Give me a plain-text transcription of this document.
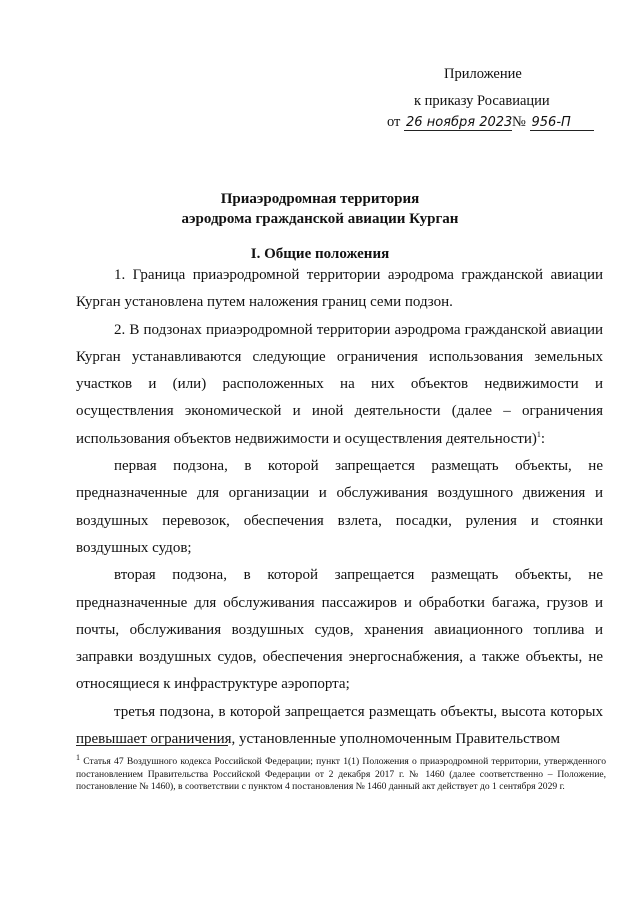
Приложение
к приказу Росавиации
от 26 ноября 2023№ 956-П
Приаэродромная территория
аэродрома гражданской авиации Курган
I. Общие положения

1. Граница приаэродромной территории аэродрома гражданской авиации Курган установлена путем наложения границ семи подзон.

2. В подзонах приаэродромной территории аэродрома гражданской авиации Курган устанавливаются следующие ограничения использования земельных участков и (или) расположенных на них объектов недвижимости и осуществления экономической и иной деятельности (далее – ограничения использования объектов недвижимости и осуществления деятельности)$^1$:

первая подзона, в которой запрещается размещать объекты, не предназначенные для организации и обслуживания воздушного движения и воздушных перевозок, обеспечения взлета, посадки, руления и стоянки воздушных судов;

вторая подзона, в которой запрещается размещать объекты, не предназначенные для обслуживания пассажиров и обработки багажа, грузов и почты, обслуживания воздушных судов, хранения авиационного топлива и заправки воздушных судов, обеспечения энергоснабжения, а также объекты, не относящиеся к инфраструктуре аэропорта;

третья подзона, в которой запрещается размещать объекты, высота которых превышает ограничения, установленные уполномоченным Правительством

$^1$ Статья 47 Воздушного кодекса Российской Федерации; пункт 1(1) Положения о приаэродромной территории, утвержденного постановлением Правительства Российской Федерации от 2 декабря 2017 г. № 1460 (далее соответственно – Положение, постановление № 1460), в соответствии с пунктом 4 постановления № 1460 данный акт действует до 1 сентября 2029 г.
